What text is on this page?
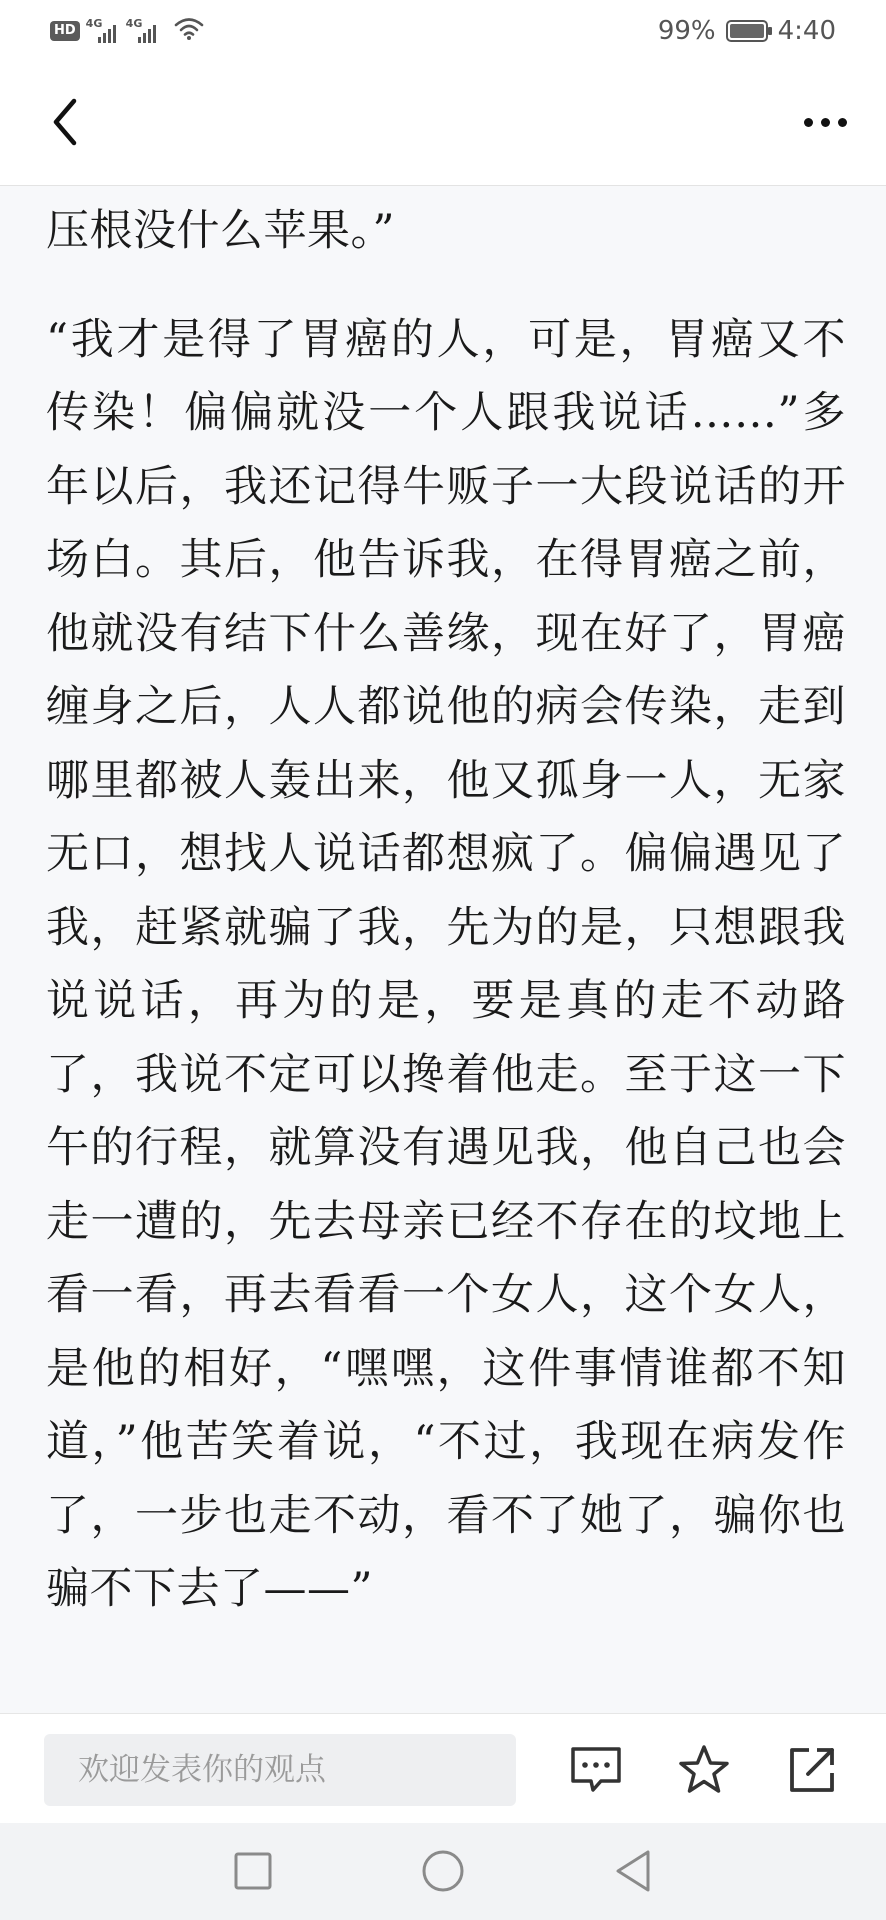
HD 4G 4G	99% 4:40

压根没什么苹果。”

“我才是得了胃癌的人，可是，胃癌又不传染！偏偏就没一个人跟我说话……”多年以后，我还记得牛贩子一大段说话的开场白。其后，他告诉我，在得胃癌之前，他就没有结下什么善缘，现在好了，胃癌缠身之后，人人都说他的病会传染，走到哪里都被人轰出来，他又孤身一人，无家无口，想找人说话都想疯了。偏偏遇见了我，赶紧就骗了我，先为的是，只想跟我说说话，再为的是，要是真的走不动路了，我说不定可以搀着他走。至于这一下午的行程，就算没有遇见我，他自己也会走一遭的，先去母亲已经不存在的坟地上看一看，再去看看一个女人，这个女人，是他的相好，“嘿嘿，这件事情谁都不知道，”他苦笑着说，“不过，我现在病发作了，一步也走不动，看不了她了，骗你也骗不下去了——”

欢迎发表你的观点
